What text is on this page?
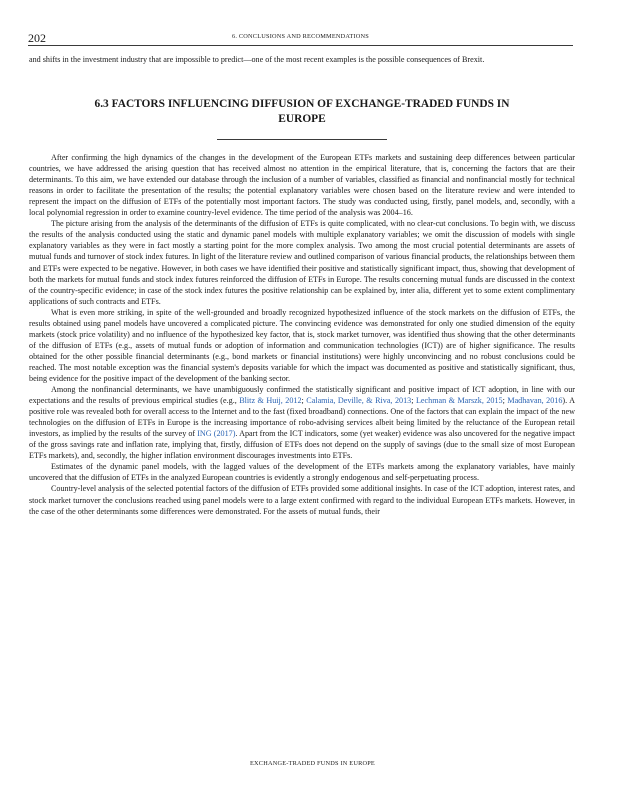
202	6. CONCLUSIONS AND RECOMMENDATIONS

and shifts in the investment industry that are impossible to predict—one of the most recent examples is the possible consequences of Brexit.

6.3 FACTORS INFLUENCING DIFFUSION OF EXCHANGE-TRADED FUNDS IN EUROPE

After confirming the high dynamics of the changes in the development of the European ETFs markets and sustaining deep differences between particular countries, we have addressed the arising question that has received almost no attention in the empirical literature, that is, concerning the factors that are their determinants. To this aim, we have extended our database through the inclusion of a number of variables, classified as financial and nonfinancial mostly for technical reasons in order to facilitate the presentation of the results; the potential explanatory variables were chosen based on the literature review and were intended to represent the impact on the diffusion of ETFs of the potentially most important factors. The study was conducted using, firstly, panel models, and, secondly, with a local polynomial regression in order to examine country-level evidence. The time period of the analysis was 2004–16.

The picture arising from the analysis of the determinants of the diffusion of ETFs is quite complicated, with no clear-cut conclusions. To begin with, we discuss the results of the analysis conducted using the static and dynamic panel models with multiple explanatory variables; we omit the discussion of models with single explanatory variables as they were in fact mostly a starting point for the more complex analysis. Two among the most crucial potential determinants are assets of mutual funds and turnover of stock index futures. In light of the literature review and outlined comparison of various financial products, the relationships between them and ETFs were expected to be negative. However, in both cases we have identified their positive and statistically significant impact, thus, showing that development of both the markets for mutual funds and stock index futures reinforced the diffusion of ETFs in Europe. The results concerning mutual funds are discussed in the context of the country-specific evidence; in case of the stock index futures the positive relationship can be explained by, inter alia, different yet to some extent complimentary applications of such contracts and ETFs.

What is even more striking, in spite of the well-grounded and broadly recognized hypothesized influence of the stock markets on the diffusion of ETFs, the results obtained using panel models have uncovered a complicated picture. The convincing evidence was demonstrated for only one studied dimension of the equity markets (stock price volatility) and no influence of the hypothesized key factor, that is, stock market turnover, was identified thus showing that the other determinants of the diffusion of ETFs (e.g., assets of mutual funds or adoption of information and communication technologies (ICT)) are of higher significance. The results obtained for the other possible financial determinants (e.g., bond markets or financial institutions) were highly unconvincing and no robust conclusions could be reached. The most notable exception was the financial system's deposits variable for which the impact was documented as positive and statistically significant, thus, being evidence for the positive impact of the development of the banking sector.

Among the nonfinancial determinants, we have unambiguously confirmed the statistically significant and positive impact of ICT adoption, in line with our expectations and the results of previous empirical studies (e.g., Blitz & Huij, 2012; Calamia, Deville, & Riva, 2013; Lechman & Marszk, 2015; Madhavan, 2016). A positive role was revealed both for overall access to the Internet and to the fast (fixed broadband) connections. One of the factors that can explain the impact of the new technologies on the diffusion of ETFs in Europe is the increasing importance of robo-advising services albeit being limited by the reluctance of the European retail investors, as implied by the results of the survey of ING (2017). Apart from the ICT indicators, some (yet weaker) evidence was also uncovered for the negative impact of the gross savings rate and inflation rate, implying that, firstly, diffusion of ETFs does not depend on the supply of savings (due to the small size of most European ETFs markets), and, secondly, the higher inflation environment discourages investments into ETFs.

Estimates of the dynamic panel models, with the lagged values of the development of the ETFs markets among the explanatory variables, have mainly uncovered that the diffusion of ETFs in the analyzed European countries is evidently a strongly endogenous and self-perpetuating process.

Country-level analysis of the selected potential factors of the diffusion of ETFs provided some additional insights. In case of the ICT adoption, interest rates, and stock market turnover the conclusions reached using panel models were to a large extent confirmed with regard to the individual European ETFs markets. However, in the case of the other determinants some differences were demonstrated. For the assets of mutual funds, their

EXCHANGE-TRADED FUNDS IN EUROPE
